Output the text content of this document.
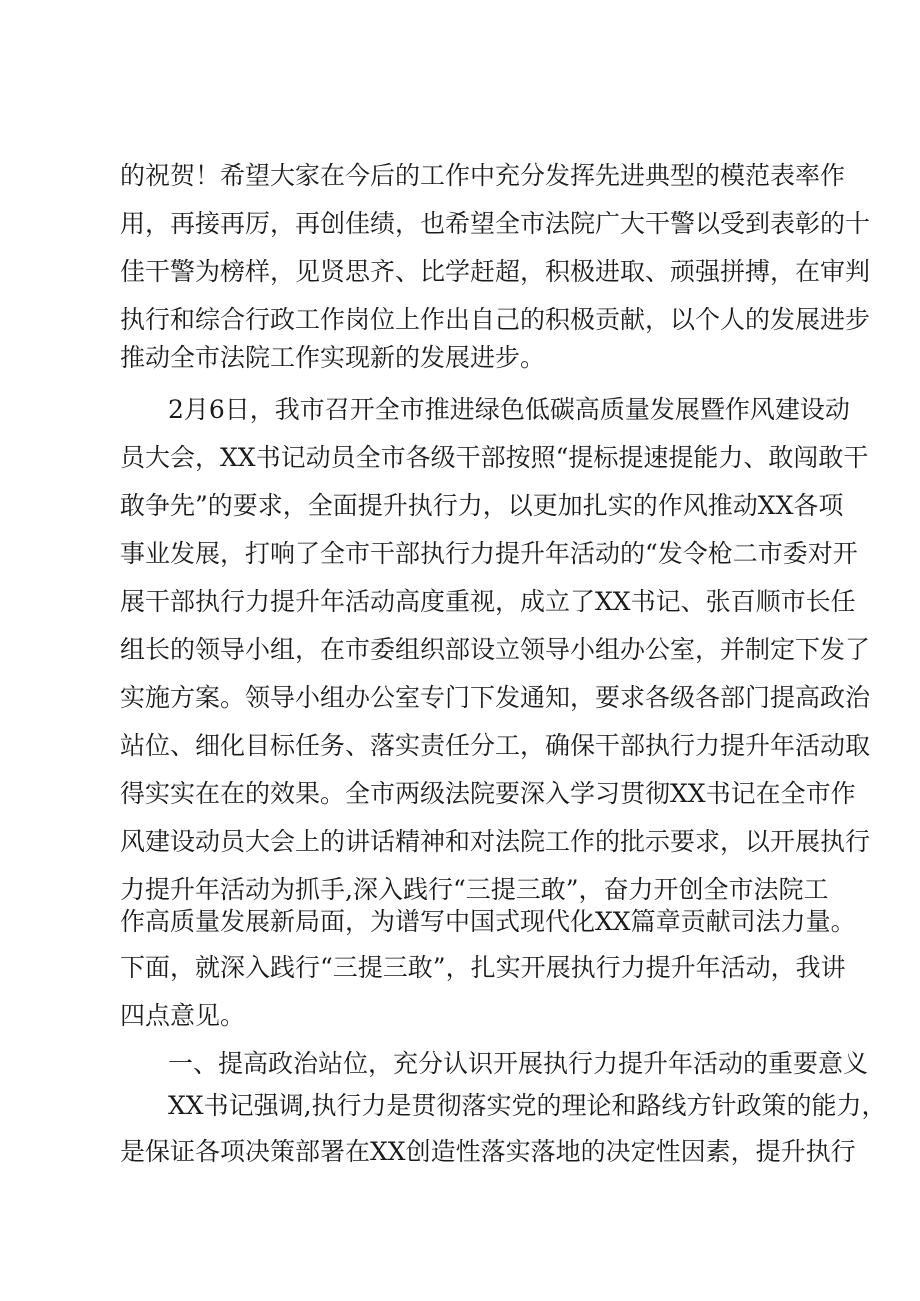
的祝贺！希望大家在今后的工作中充分发挥先进典型的模范表率作
用，再接再厉，再创佳绩，也希望全市法院广大干警以受到表彰的十
佳干警为榜样，见贤思齐、比学赶超，积极进取、顽强拼搏，在审判
执行和综合行政工作岗位上作出自己的积极贡献，以个人的发展进步
推动全市法院工作实现新的发展进步。
2月6日，我市召开全市推进绿色低碳高质量发展暨作风建设动
员大会，XX书记动员全市各级干部按照“提标提速提能力、敢闯敢干
敢争先”的要求，全面提升执行力，以更加扎实的作风推动XX各项
事业发展，打响了全市干部执行力提升年活动的“发令枪二市委对开
展干部执行力提升年活动高度重视，成立了XX书记、张百顺市长任
组长的领导小组，在市委组织部设立领导小组办公室，并制定下发了
实施方案。领导小组办公室专门下发通知，要求各级各部门提高政治
站位、细化目标任务、落实责任分工，确保干部执行力提升年活动取
得实实在在的效果。全市两级法院要深入学习贯彻XX书记在全市作
风建设动员大会上的讲话精神和对法院工作的批示要求，以开展执行
力提升年活动为抓手,深入践行“三提三敢”，奋力开创全市法院工
作高质量发展新局面，为谱写中国式现代化XX篇章贡献司法力量。
下面，就深入践行“三提三敢”，扎实开展执行力提升年活动，我讲
四点意见。
一、提高政治站位，充分认识开展执行力提升年活动的重要意义
XX书记强调,执行力是贯彻落实党的理论和路线方针政策的能力，
是保证各项决策部署在XX创造性落实落地的决定性因素，提升执行
